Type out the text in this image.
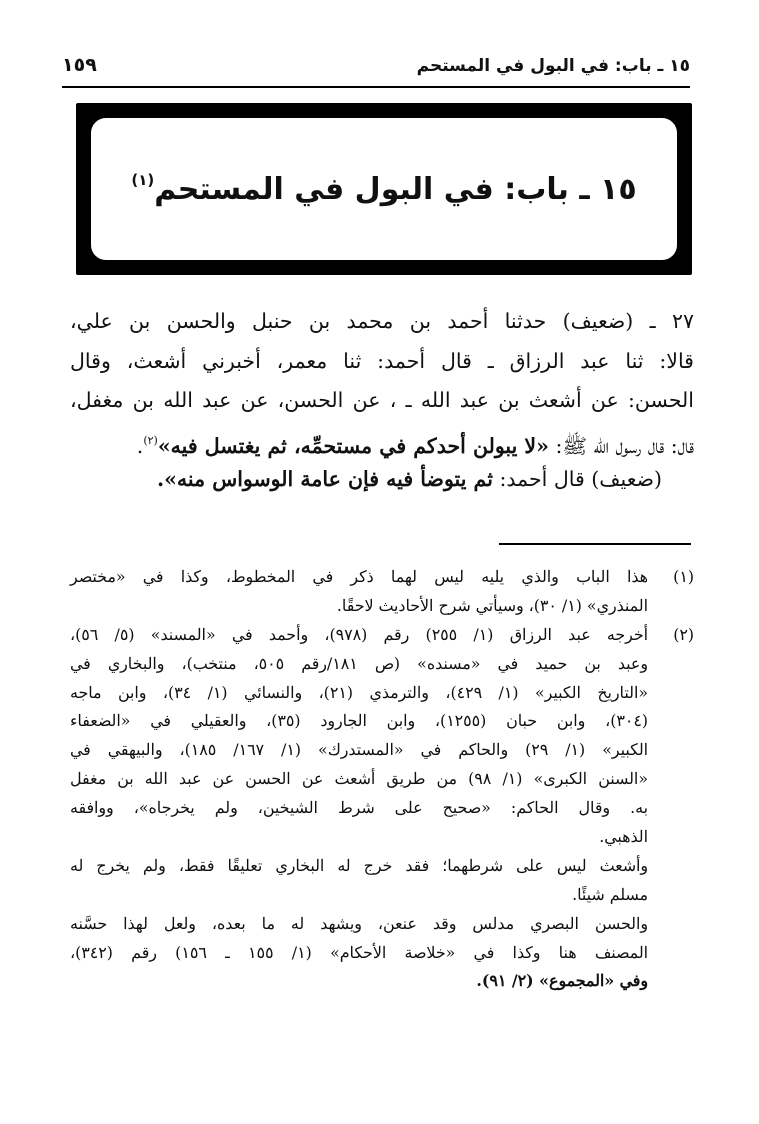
١٥ ـ باب: في البول في المستحم
١٥٩
١٥ ـ باب: في البول في المستحم$^{(١)}$
٢٧ ـ (ضعيف) حدثنا أحمد بن محمد بن حنبل والحسن بن علي،
قالا: ثنا عبد الرزاق ـ قال أحمد: ثنا معمر، أخبرني أشعث، وقال
الحسن: عن أشعث بن عبد الله ـ ، عن الحسن، عن عبد الله بن مغفل،
قال: قال رسول الله ﷺ: «لا يبولن أحدكم في مستحمِّه، ثم يغتسل فيه»$^{(٢)}$.
(ضعيف) قال أحمد: ثم يتوضأ فيه فإن عامة الوسواس منه».
(١)هذا الباب والذي يليه ليس لهما ذكر في المخطوط، وكذا في «مختصر
المنذري» (١/ ٣٠)، وسيأتي شرح الأحاديث لاحقًا.
(٢)أخرجه عبد الرزاق (١/ ٢٥٥) رقم (٩٧٨)، وأحمد في «المسند» (٥/ ٥٦)،
وعبد بن حميد في «مسنده» (ص ١٨١/رقم ٥٠٥، منتخب)، والبخاري في
«التاريخ الكبير» (١/ ٤٢٩)، والترمذي (٢١)، والنسائي (١/ ٣٤)، وابن ماجه
(٣٠٤)، وابن حبان (١٢٥٥)، وابن الجارود (٣٥)، والعقيلي في «الضعفاء
الكبير» (١/ ٢٩) والحاكم في «المستدرك» (١/ ١٦٧/ ١٨٥)، والبيهقي في
«السنن الكبرى» (١/ ٩٨) من طريق أشعث عن الحسن عن عبد الله بن مغفل
به. وقال الحاكم: «صحيح على شرط الشيخين، ولم يخرجاه»، ووافقه
الذهبي.
وأشعث ليس على شرطهما؛ فقد خرج له البخاري تعليقًا فقط، ولم يخرج له
مسلم شيئًا.
والحسن البصري مدلس وقد عنعن، ويشهد له ما بعده، ولعل لهذا حسَّنه
المصنف هنا وكذا في «خلاصة الأحكام» (١/ ١٥٥ ـ ١٥٦) رقم (٣٤٢)،
وفي «المجموع» (٢/ ٩١).
